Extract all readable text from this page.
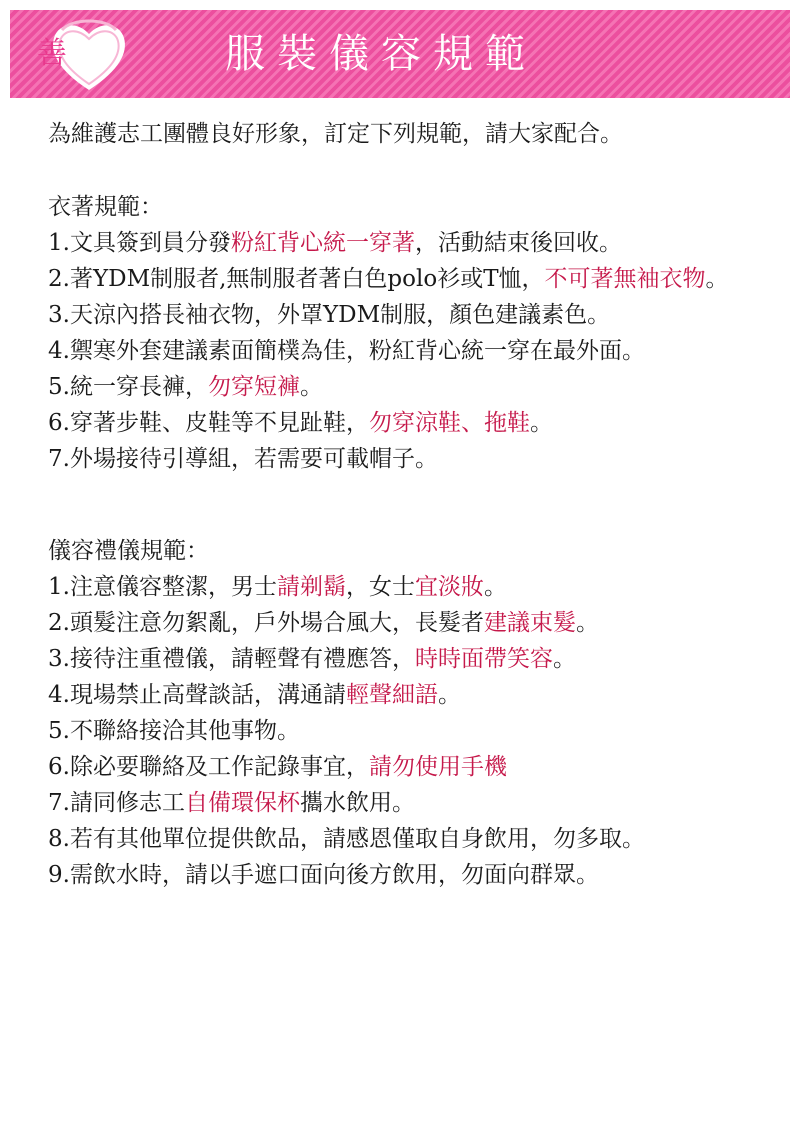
善	服裝儀容規範

為維護志工團體良好形象，訂定下列規範，請大家配合。

衣著規範：

1.文具簽到員分發粉紅背心統一穿著，活動結束後回收。

2.著YDM制服者,無制服者著白色polo衫或T恤，不可著無袖衣物。

3.天涼內搭長袖衣物，外罩YDM制服，顏色建議素色。

4.禦寒外套建議素面簡樸為佳，粉紅背心統一穿在最外面。

5.統一穿長褲，勿穿短褲。

6.穿著步鞋、皮鞋等不見趾鞋，勿穿涼鞋、拖鞋。

7.外場接待引導組，若需要可載帽子。

儀容禮儀規範：

1.注意儀容整潔，男士請剃鬍，女士宜淡妝。

2.頭髮注意勿絮亂，戶外場合風大，長髮者建議束髮。

3.接待注重禮儀，請輕聲有禮應答，時時面帶笑容。

4.現場禁止高聲談話，溝通請輕聲細語。

5.不聯絡接洽其他事物。

6.除必要聯絡及工作記錄事宜，請勿使用手機

7.請同修志工自備環保杯攜水飲用。

8.若有其他單位提供飲品，請感恩僅取自身飲用，勿多取。

9.需飲水時，請以手遮口面向後方飲用，勿面向群眾。
